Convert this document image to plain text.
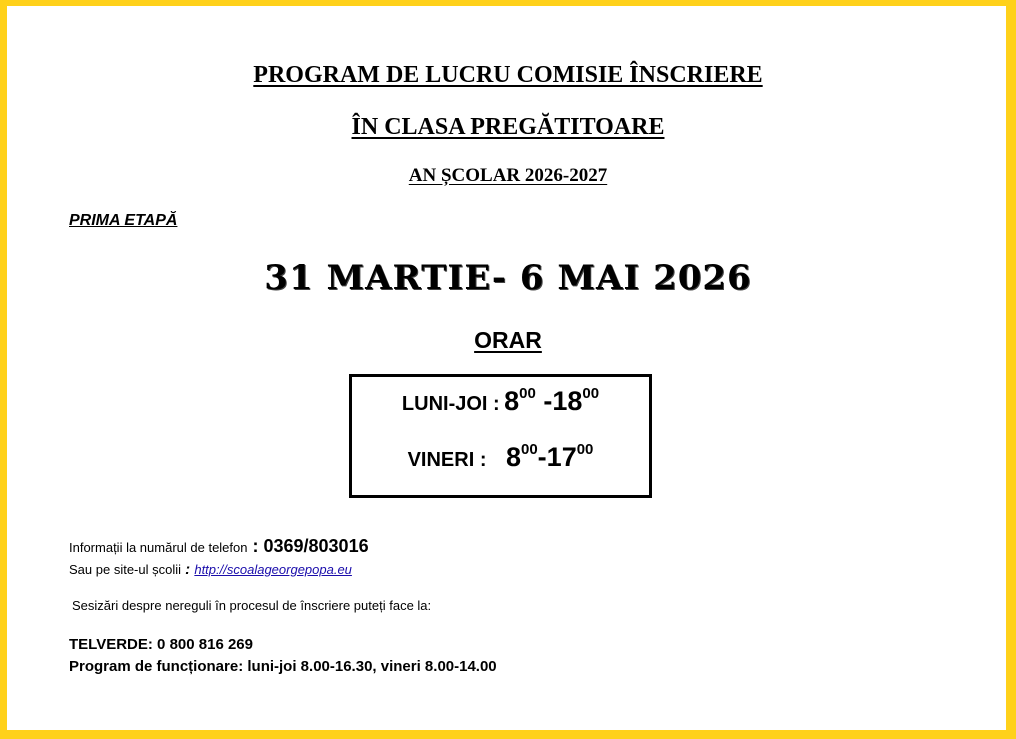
PROGRAM DE LUCRU COMISIE ÎNSCRIERE
ÎN CLASA PREGĂTITOARE
AN ȘCOLAR 2026-2027
PRIMA ETAPĂ
31 MARTIE- 6 MAI 2026
ORAR
LUNI-JOI : $8^{00}$ $-18^{00}$
VINERI : $8^{00}-17^{00}$
Informații la numărul de telefon : 0369/803016
Sau pe site-ul școlii : http://scoalageorgepopa.eu
Sesizări despre nereguli în procesul de înscriere puteți face la:
TELVERDE: 0 800 816 269
Program de funcționare: luni-joi 8.00-16.30, vineri 8.00-14.00
